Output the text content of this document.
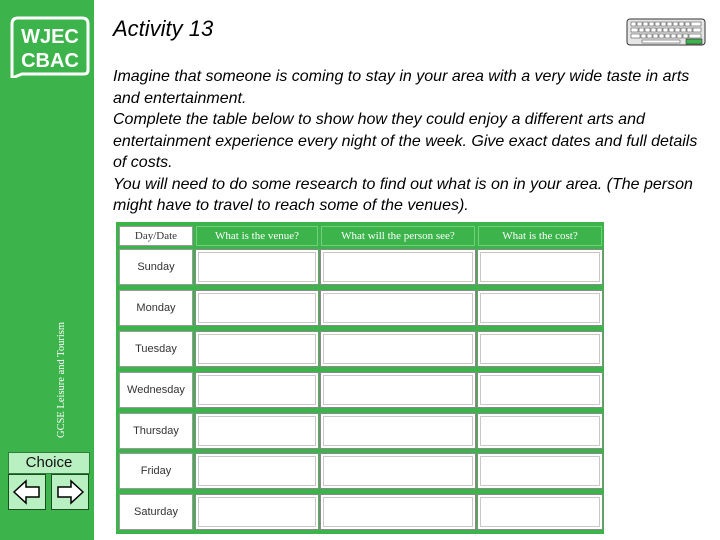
WJEC
CBAC
GCSE Leisure and Tourism
Choice
Activity 13

Imagine that someone is coming to stay in your area with a very wide taste in arts and entertainment.

Complete the table below to show how they could enjoy a different arts and entertainment experience every night of the week. Give exact dates and full details of costs.

You will need to do some research to find out what is on in your area. (The person might have to travel to reach some of the venues).

Day/Date	What is the venue?	What will the person see?	What is the cost?
Sunday
Monday
Tuesday
Wednesday
Thursday
Friday
Saturday
